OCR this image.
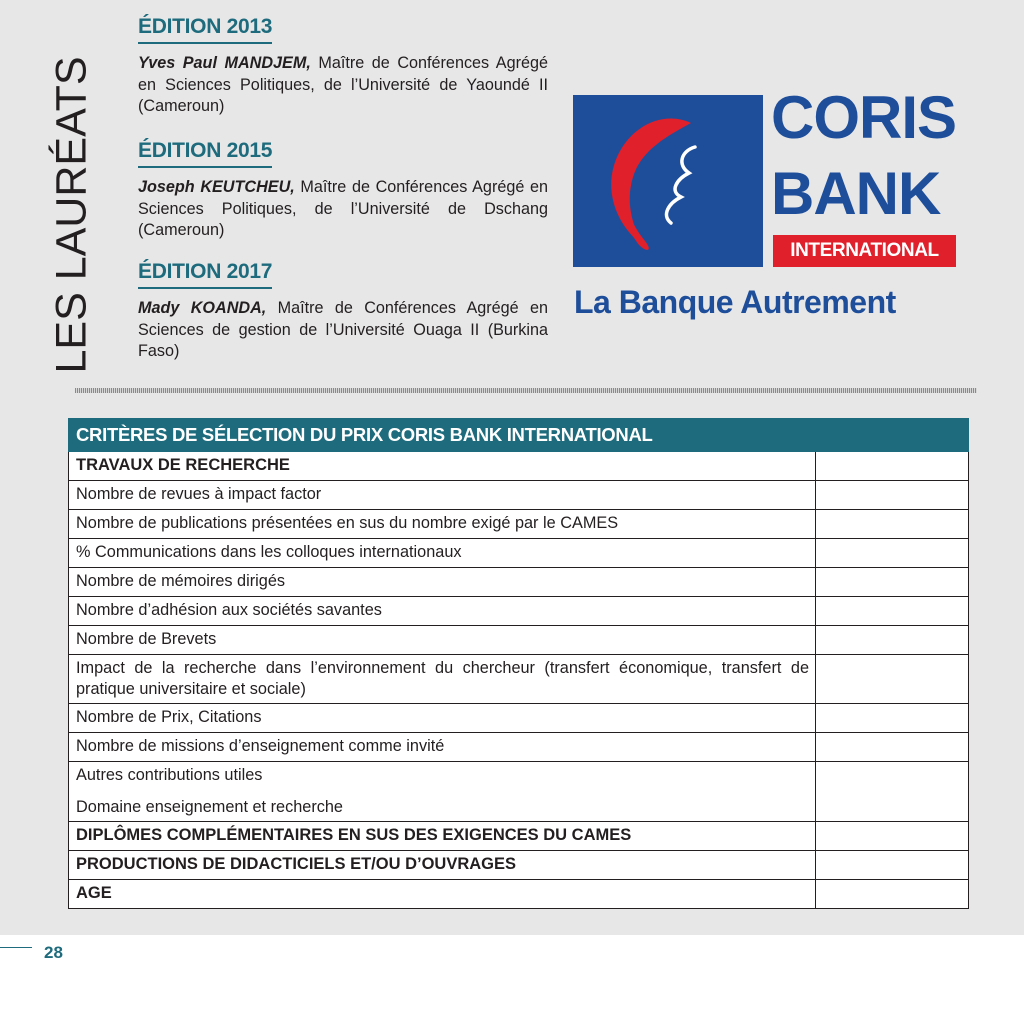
LES LAURÉATS
ÉDITION 2013

Yves Paul MANDJEM, Maître de Conférences Agrégé en Sciences Politiques, de l’Université de Yaoundé II (Cameroun)

ÉDITION 2015

Joseph KEUTCHEU, Maître de Conférences Agrégé en Sciences Politiques, de l’Université de Dschang (Cameroun)

ÉDITION 2017

Mady KOANDA, Maître de Conférences Agrégé en Sciences de gestion de l’Université Ouaga II (Burkina Faso)

CORIS
BANK
INTERNATIONAL
La Banque Autrement
CRITÈRES DE SÉLECTION DU PRIX CORIS BANK INTERNATIONAL	
TRAVAUX DE RECHERCHE	
Nombre de revues à impact factor	
Nombre de publications présentées en sus du nombre exigé par le CAMES	
% Communications dans les colloques internationaux	
Nombre de mémoires dirigés	
Nombre d’adhésion aux sociétés savantes	
Nombre de Brevets	
Impact de la recherche dans l’environnement du chercheur (transfert économique, transfert de pratique universitaire et sociale)	
Nombre de Prix, Citations	
Nombre de missions d’enseignement comme invité	

Autres contributions utiles
Domaine enseignement et recherche	

DIPLÔMES COMPLÉMENTAIRES EN SUS DES EXIGENCES DU CAMES	
PRODUCTIONS DE DIDACTICIELS ET/OU D’OUVRAGES	
AGE	
28
